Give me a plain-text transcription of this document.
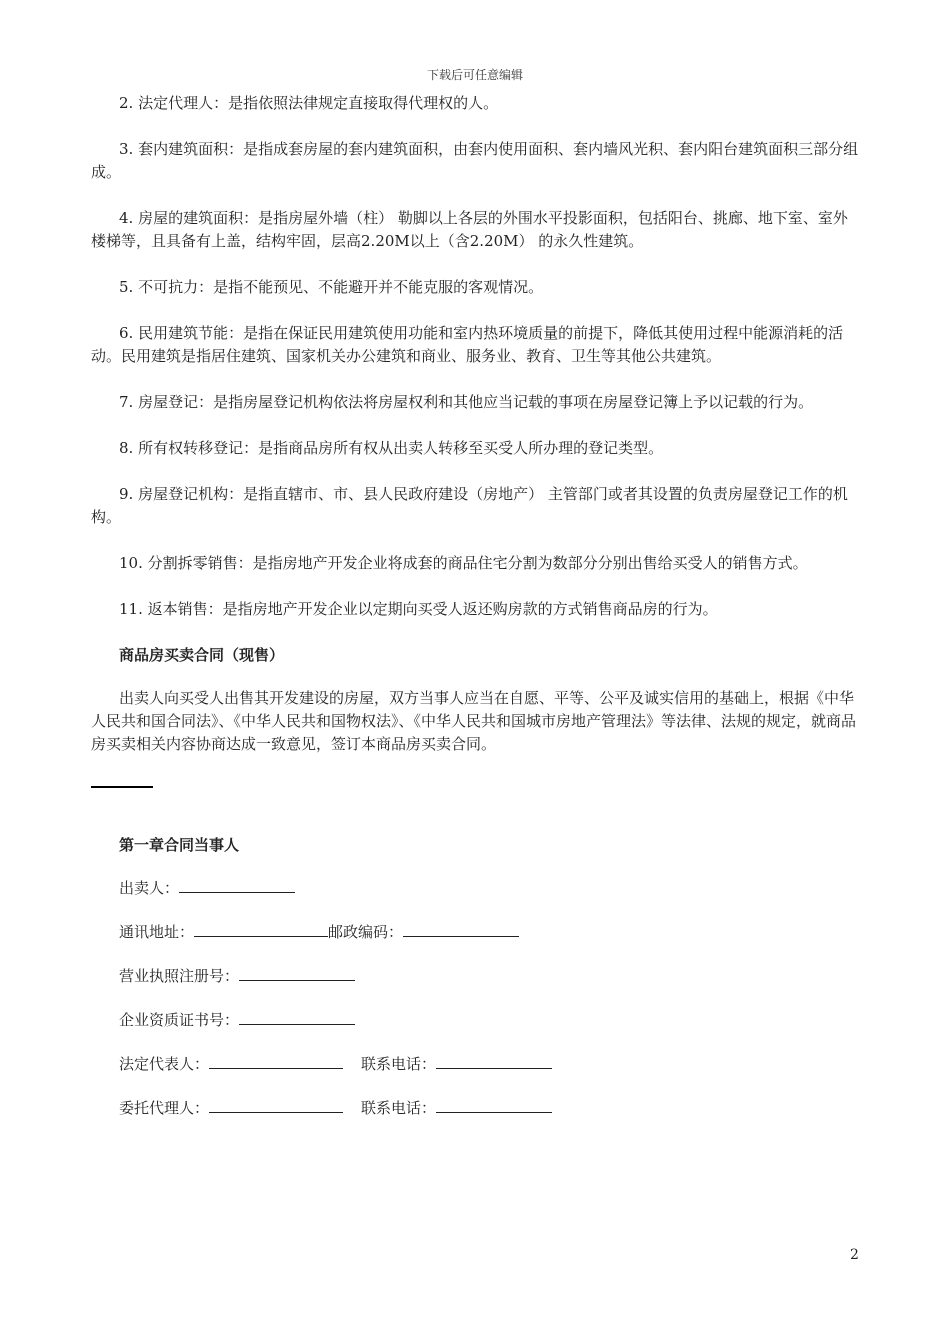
下载后可任意编辑

2. 法定代理人：是指依照法律规定直接取得代理权的人。

3. 套内建筑面积：是指成套房屋的套内建筑面积，由套内使用面积、套内墙风光积、套内阳台建筑面积三部分组成。

4. 房屋的建筑面积：是指房屋外墙（柱） 勒脚以上各层的外围水平投影面积，包括阳台、挑廊、地下室、室外楼梯等，且具备有上盖，结构牢固，层高2.20M以上（含2.20M） 的永久性建筑。

5. 不可抗力：是指不能预见、不能避开并不能克服的客观情况。

6. 民用建筑节能：是指在保证民用建筑使用功能和室内热环境质量的前提下，降低其使用过程中能源消耗的活动。民用建筑是指居住建筑、国家机关办公建筑和商业、服务业、教育、卫生等其他公共建筑。

7. 房屋登记：是指房屋登记机构依法将房屋权利和其他应当记载的事项在房屋登记簿上予以记载的行为。

8. 所有权转移登记：是指商品房所有权从出卖人转移至买受人所办理的登记类型。

9. 房屋登记机构：是指直辖市、市、县人民政府建设（房地产） 主管部门或者其设置的负责房屋登记工作的机构。

10. 分割拆零销售：是指房地产开发企业将成套的商品住宅分割为数部分分别出售给买受人的销售方式。

11. 返本销售：是指房地产开发企业以定期向买受人返还购房款的方式销售商品房的行为。

商品房买卖合同（现售）

出卖人向买受人出售其开发建设的房屋，双方当事人应当在自愿、平等、公平及诚实信用的基础上，根据《中华人民共和国合同法》、《中华人民共和国物权法》、《中华人民共和国城市房地产管理法》等法律、法规的规定，就商品房买卖相关内容协商达成一致意见，签订本商品房买卖合同。

第一章合同当事人

出卖人：
通讯地址：	邮政编码：
营业执照注册号：
企业资质证书号：
法定代表人：	联系电话：
委托代理人：	联系电话：
2
